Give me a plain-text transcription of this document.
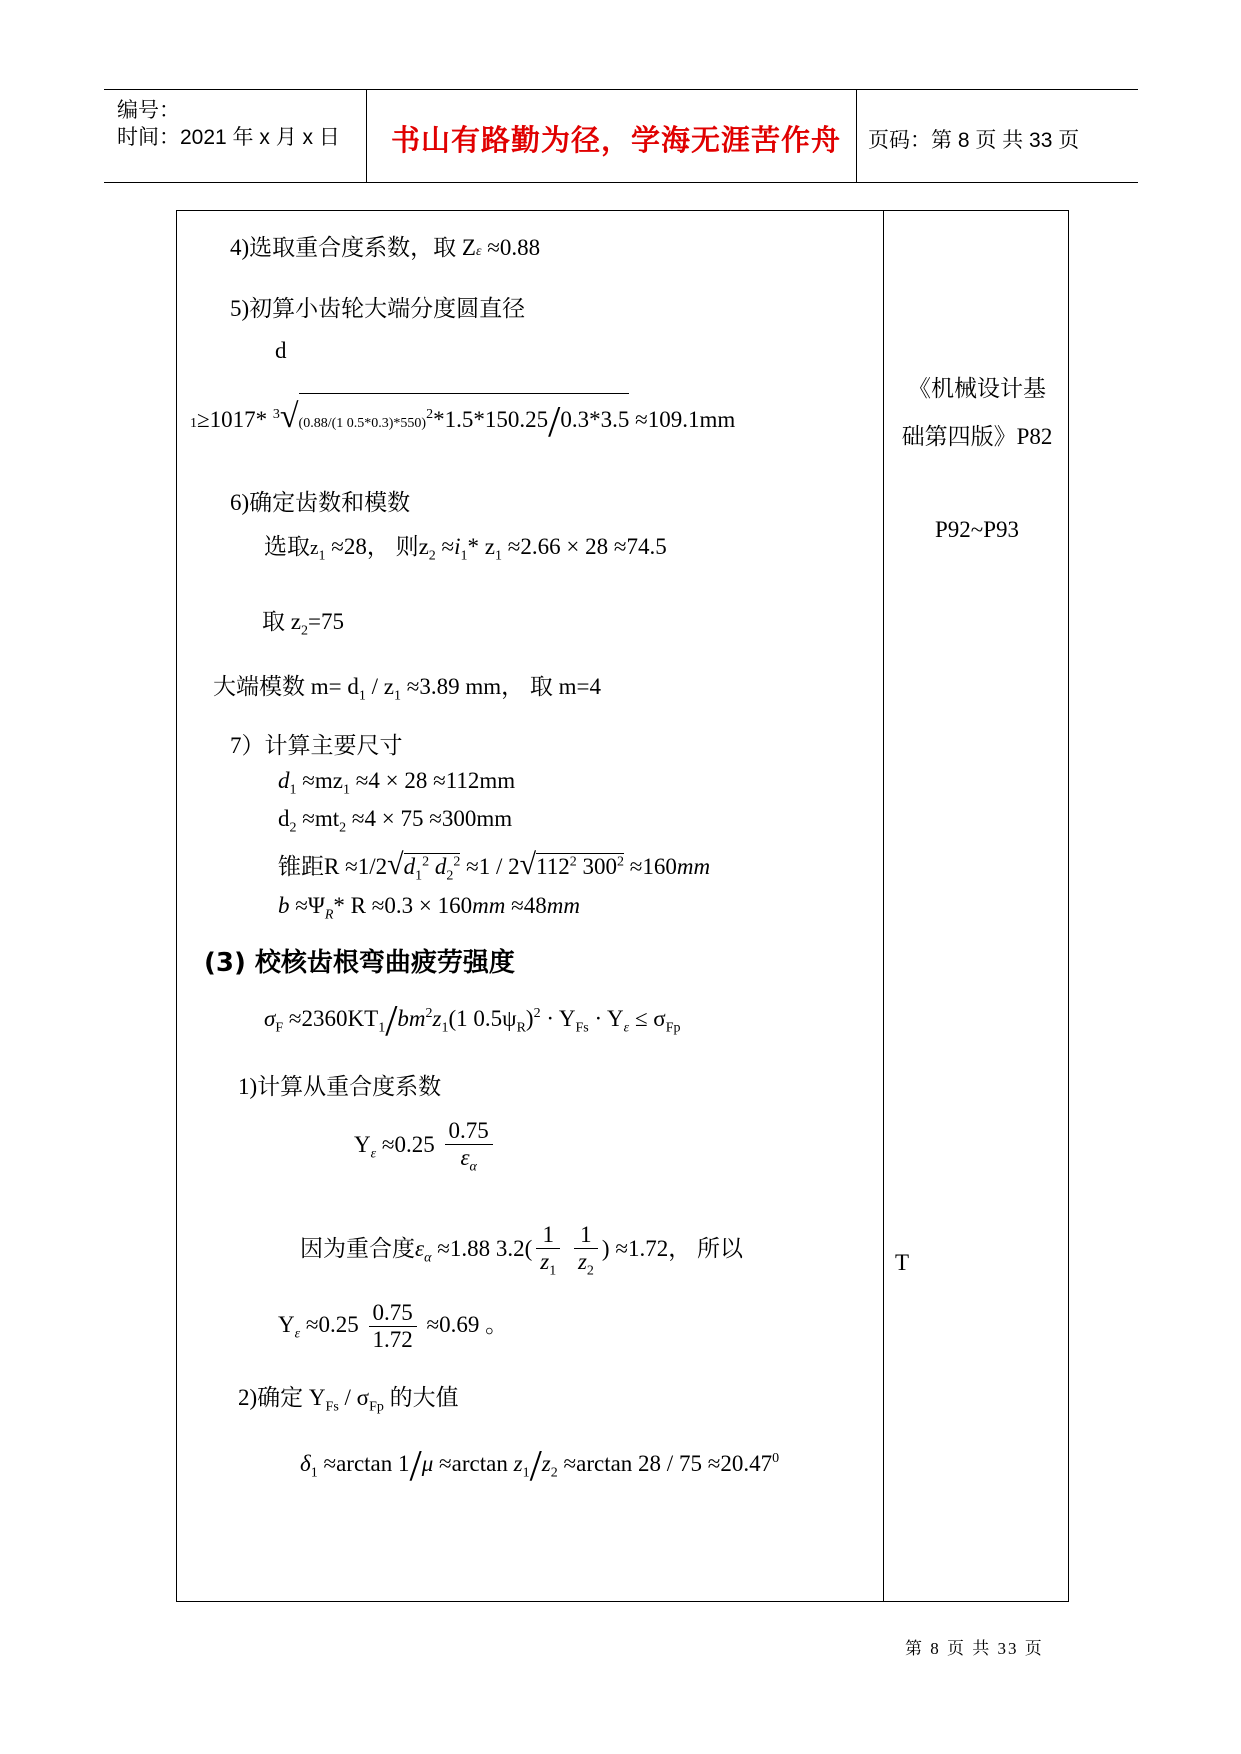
编号：
时间：2021 年 x 月 x 日 书山有路勤为径，学海无涯苦作舟 页码：第 8 页 共 33 页
4)选取重合度系数，取 Zε ≈0.88
5)初算小齿轮大端分度圆直径
d
1≥1017* $^3$√(0.88/(1 0.5*0.3)*550)$^2$*1.5*150.25/0.3*3.5 ≈109.1mm
6)确定齿数和模数
选取$z_1 \approx 28$， 则$z_2 \approx i_1*$ $z_1 \approx 2.66 \times 28 \approx 74.5$
取 $z_2=75$
大端模数 $m= d_1 / z_1 \approx 3.89$ mm， 取 m=4
7）计算主要尺寸
$d_1 \approx mz_1 \approx 4 \times 28 \approx 112mm$
$d_2 \approx mt_2 \approx 4 \times 75 \approx 300mm$
锥距$R \approx 1/2√d_1^2$ $d_2^2 \approx 1 / 2√112^2$ $300^2 \approx 160mm$
$b \approx\Psi_R*$ R ≈0.3 × 160mm ≈48mm
(3) 校核齿根弯曲疲劳强度
$\sigma_F \approx 2360KT_1/bm^2z_1(1$ $0.5\psi_R)^2 \cdot Y_{Fs} \cdot Y_\varepsilon \le \sigma_{Fp}$
1)计算从重合度系数
$Y_\varepsilon \approx 0.25 \frac{0.75}{\varepsilon_\alpha}$
因为重合度$\varepsilon_\alpha \approx 1.88$ $3.2( \frac{1}{z_1}$
$\frac{1}{z_2}$ ) ≈1.72， 所以
$Y_\varepsilon \approx 0.25 \frac{0.75}{1.72} \approx 0.69$ 。
2)确定 $Y_{Fs} / \sigma_{Fp}$ 的大值
$\delta_1 \approx\arctan$ 1/μ ≈arctan $z_1/z_2 \approx\arctan$ $28 / 75 \approx 20.47^0$
《机械设计基
础第四版》P82
P92~P93
T
第 8 页 共 33 页
